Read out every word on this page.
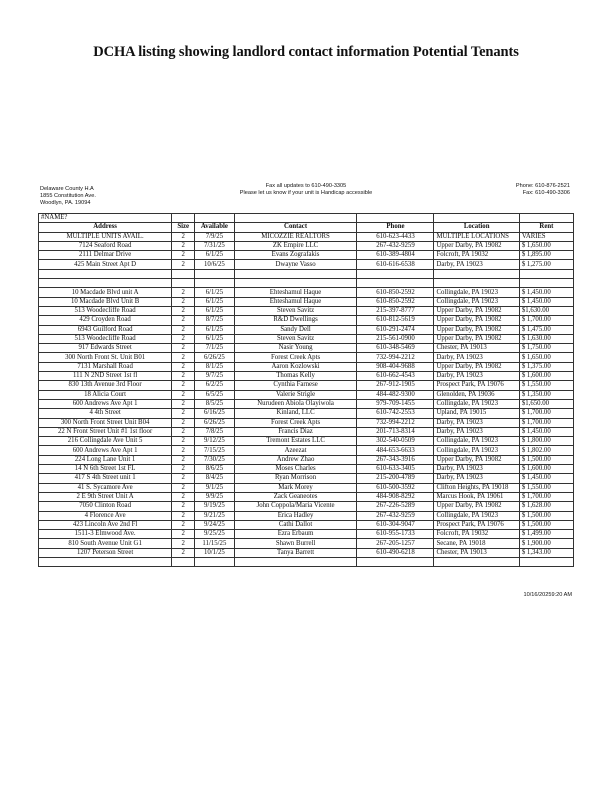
DCHA listing showing landlord contact information Potential Tenants
Delaware County H.A
1855 Constitution Ave.
Woodlyn, PA. 19094
Fax all updates to 610-490-3305
Please let us know if your unit is Handicap accessible
Phone: 610-876-2521
Fax: 610-490-3306
#NAME?						
Address	Size	Available	Contact	Phone	Location	Rent
MULTIPLE UNITS AVAIL.	2	7/9/25	MICOZZIE REALTORS	610-623-4433	MULTIPLE LOCATIONS	VARIES
7124 Seaford Road	2	7/31/25	ZK Empire LLC	267-432-9259	Upper Darby, PA 19082	$ 1,650.00
2111 Delmar Drive	2	6/1/25	Evans Zografakis	610-389-4804	Folcroft, PA 19032	$ 1,895.00
425 Main Street Apt D	2	10/6/25	Dwayne Vasso	610-616-6538	Darby, PA 19023	$ 1,275.00

10 Macdade Blvd unit A	2	6/1/25	Ehteshamul Haque	610-850-2592	Collingdale, PA 19023	$ 1,450.00
10 Macdade Blvd Unit B	2	6/1/25	Ehteshamul Haque	610-850-2592	Collingdale, PA 19023	$ 1,450.00
513 Woodecliffe Road	2	6/1/25	Steven Savitz	215-397-8777	Upper Darby, PA 19082	$1,630.00
429 Croyden Road	2	8/7/25	R&D Dwellings	610-812-5619	Upper Darby, PA 19082	$ 1,700.00
6943 Guilford Road	2	6/1/25	Sandy Dell	610-291-2474	Upper Darby, PA 19082	$ 1,475.00
513 Woodecliffe Road	2	6/1/25	Steven Savitz	215-561-0900	Upper Darby, PA 19082	$ 1,630.00
917 Edwards Street	2	7/1/25	Nasir Young	610-348-5469	Chester, PA 19013	$ 1,750.00
300 North Front St. Unit B01	2	6/26/25	Forest Creek Apts	732-994-2212	Darby, PA 19023	$ 1,650.00
7131 Marshall Road	2	8/1/25	Aaron Kozlowski	908-404-9688	Upper Darby, PA 19082	$ 1,375.00
111 N 2ND Street 1st fl	2	9/7/25	Thomas Kelly	610-662-4543	Darby, PA 19023	$ 1,600.00
830 13th Avenue 3rd Floor	2	6/2/25	Cynthia Farnese	267-912-1905	Prospect Park, PA 19076	$ 1,550.00
18 Alicia Court	2	6/5/25	Valerie Strigle	484-482-9300	Glenolden, PA 19036	$ 1,350.00
600 Andrews Ave Apt 1	2	8/5/25	Nurudeen Abiola Olayiwola	979-709-1455	Collingdale, PA 19023	$1,650.00
4 4th Street	2	6/16/25	Kinland, LLC	610-742-2553	Upland, PA 19015	$ 1,700.00
300 North Front Street Unit B04	2	6/26/25	Forest Creek Apts	732-994-2212	Darby, PA 19023	$ 1,700.00
22 N Front Street Unit #1 1st floor	2	7/8/25	Francis Diaz	201-713-8314	Darby, PA 19023	$ 1,450.00
216 Collingdale Ave Unit 5	2	9/12/25	Tremont Estates LLC	302-540-0509	Collingdale, PA 19023	$ 1,800.00
600 Andrews Ave Apt 1	2	7/15/25	Azeezat	484-653-6633	Collingdale, PA 19023	$ 1,802.00
224 Long Lane Unit 1	2	7/30/25	Andrew Zhao	267-343-3916	Upper Darby, PA 19082	$ 1,500.00
14 N 6th Street 1st FL	2	8/6/25	Moses Charles	610-633-3405	Darby, PA 19023	$ 1,600.00
417 S 4th Street unit 1	2	8/4/25	Ryan Morrison	215-200-4789	Darby, PA 19023	$ 1,450.00
41 S. Sycamore Ave	2	9/1/25	Mark Morey	610-500-3592	Clifton Heights, PA 19018	$ 1,550.00
2 E 9th Street Unit A	2	9/9/25	Zack Geaneotes	484-908-8292	Marcus Hook, PA 19061	$ 1,700.00
7050 Clinton Road	2	9/19/25	John Coppola/Maria Vicente	267-226-5289	Upper Darby, PA 19082	$ 1,628.00
4 Florence Ave	2	9/21/25	Erica Hadley	267-432-9259	Collingdale, PA 19023	$ 1,500.00
423 Lincoln Ave 2nd Fl	2	9/24/25	Cathi Dallot	610-304-9047	Prospect Park, PA 19076	$ 1,500.00
1511-3 Elmwood Ave.	2	9/25/25	Ezra Erbaum	610-955-1733	Folcroft, PA 19032	$ 1,499.00
810 South Avenue Unit G1	2	11/15/25	Shawn Burrell	267-205-1257	Secane, PA 19018	$ 1,900.00
1207 Peterson Street	2	10/1/25	Tanya Barrett	610-490-6218	Chester, PA 19013	$ 1,343.00

10/16/20259:20 AM
